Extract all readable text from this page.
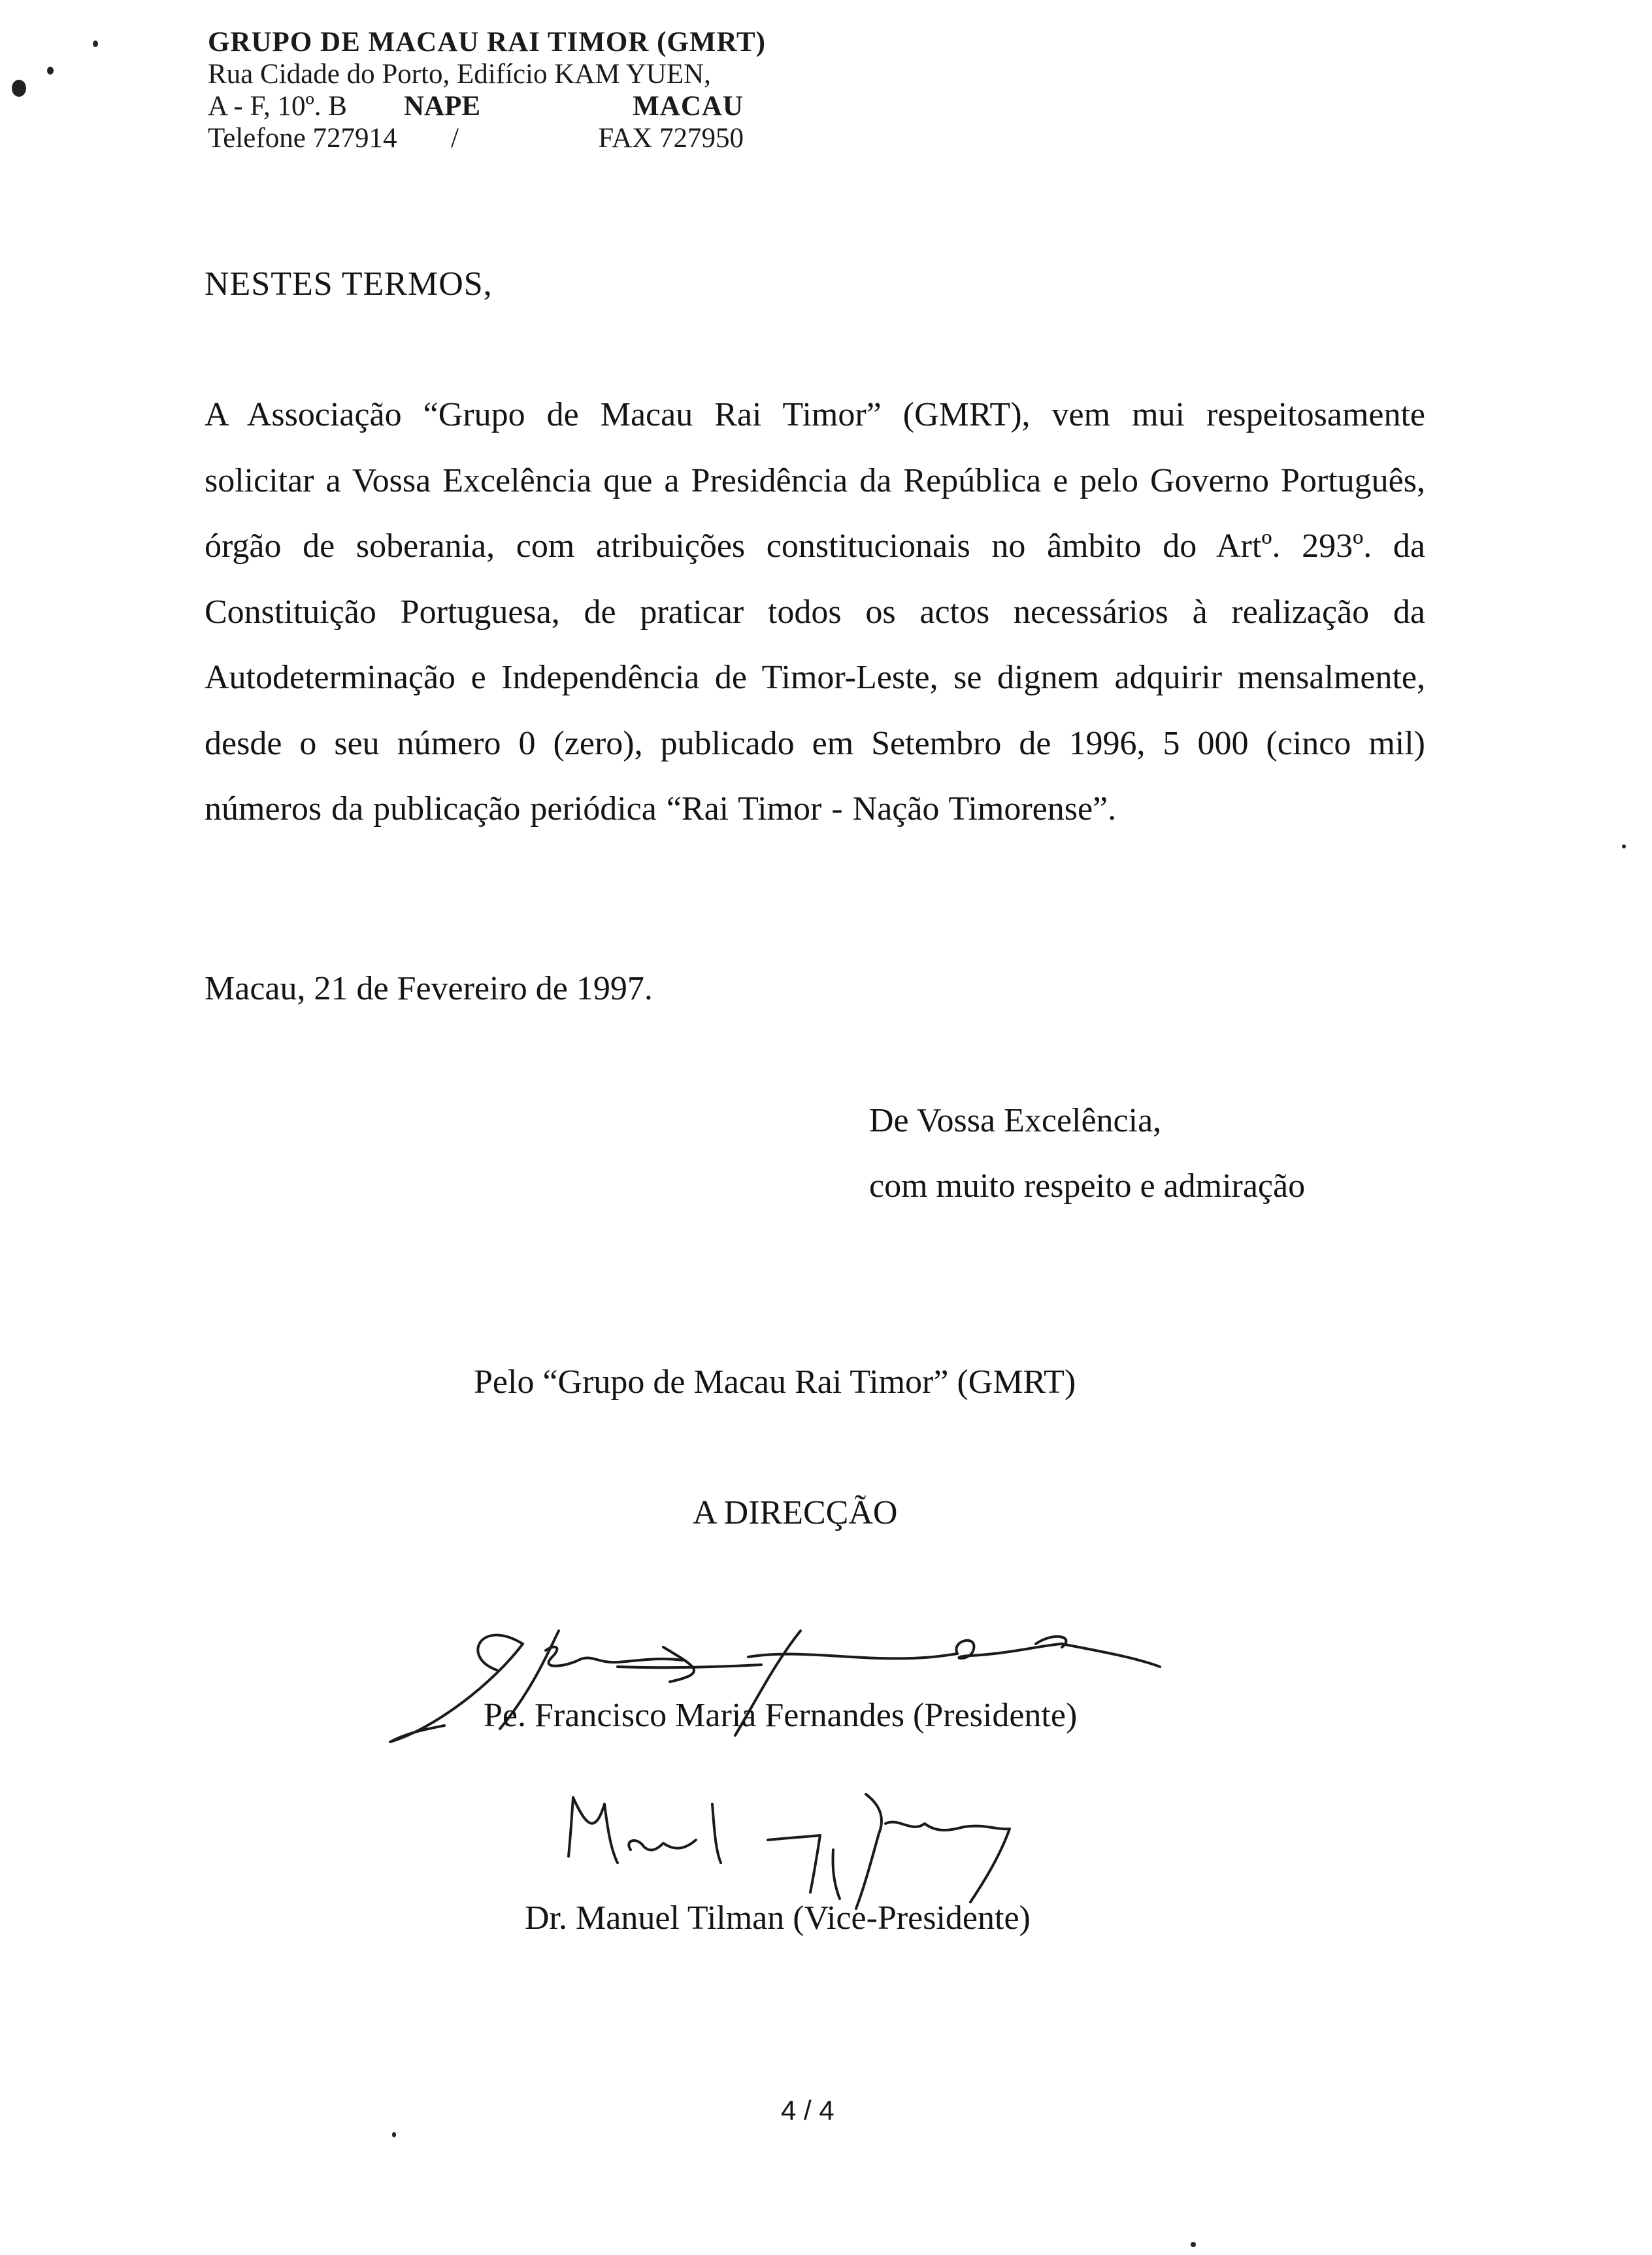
GRUPO DE MACAU RAI TIMOR (GMRT)
Rua Cidade do Porto, Edifício KAM YUEN,
A - F, 10º. B NAPE	MACAU
Telefone 727914 /	FAX 727950
NESTES TERMOS,

A Associação “Grupo de Macau Rai Timor” (GMRT), vem mui respeitosamente solicitar a Vossa Excelência que a Presidência da República e pelo Governo Português, órgão de soberania, com atribuições constitucionais no âmbito do Artº. 293º. da Constituição Portuguesa, de praticar todos os actos necessários à realização da Autodeterminação e Independência de Timor-Leste, se dignem adquirir mensalmente, desde o seu número 0 (zero), publicado em Setembro de 1996, 5 000 (cinco mil) números da publicação periódica “Rai Timor - Nação Timorense”.

Macau, 21 de Fevereiro de 1997.
De Vossa Excelência,
com muito respeito e admiração
Pelo “Grupo de Macau Rai Timor” (GMRT)
A DIRECÇÃO
Pe. Francisco Maria Fernandes (Presidente)
Dr. Manuel Tilman (Vice-Presidente)
4 / 4
